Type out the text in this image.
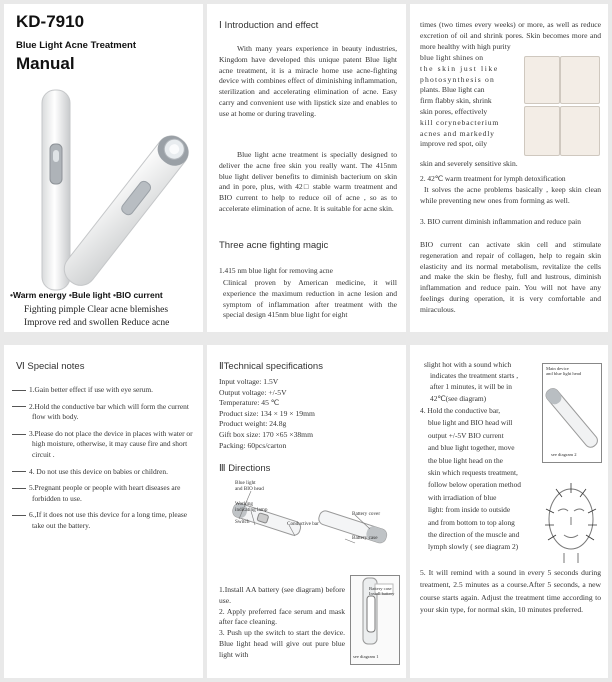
KD-7910
Blue Light Acne Treatment
Manual
•Warm energy •Bule light •BIO current
Fighting pimple Clear acne blemishes
Improve red and swollen Reduce acne
Ⅰ Introduction and effect

With many years experience in beauty industries, Kingdom have developed this unique patent Blue light acne treatment, it is a miracle home use acne-fighting device with combines effect of diminishing inflammation, sterilization and accelerating elimination of acne. Easy carry and convenient use with lipstick size and enables to use at home or during traveling.

Blue light acne treatment is specially designed to deliver the acne free skin you really want. The 415nm blue light deliver benefits to diminish bacterium on skin and in pore, plus, with 42□ stable warm treatment and BIO current to help to reduce oil of acne , so as to accelerate elimination of acne. It is suitable for acne skin.

Three acne fighting magic
1.415 nm blue light for removing acne

Clinical proven by American medicine, it will experience the maximum reduction in acne lesion and symptom of inflammation after treatment with the special design 415nm blue light for eight

times (two times every weeks) or more, as well as reduce excretion of oil and shrink pores. Skin becomes more and more healthy with high purity

blue light shines on
the skin just like
photosynthesis on
plants. Blue light can
firm flabby skin, shrink
skin pores, effectively
kill corynebacterium
acnes and markedly
improve red spot, oily

skin and severely sensitive skin.

2. 42℃ warm treatment for lymph detoxification

It solves the acne problems basically , keep skin clean while preventing new ones from forming as well.

3. BIO current diminish inflammation and reduce pain

BIO current can activate skin cell and stimulate regeneration and repair of collagen, help to regain skin elasticity and its normal metabolism, revitalize the cells and make the skin be fleshy, full and lustrous, diminish inflammation and reduce pain. You will not have any feelings during operation, it is very comfortable and miraculous.

Ⅵ Special notes
1.Gain better effect if use with eye serum.
2.Hold the conductive bar which will form the current flow with body.
3.Please do not place the device in places with water or high moisture, otherwise, it may cause fire and short circuit .
4. Do not use this device on babies or children.
5.Pregnant people or people with heart diseases are forbidden to use.
6.,If it does not use this device for a long time, please take out the battery.
ⅡTechnical specifications
Input voltage: 1.5V
Output voltage: +/-5V
Temperature: 45 ℃
Product size: 134 × 19 × 19mm
Product weight: 24.8g
Gift box size: 170 ×65 ×38mm
Packing: 60pcs/carton
Ⅲ Directions
Blue light
and BIO head
Working
indicating lamp
Switch	Conductive bar
Battery cover
Battery case

1.Install AA battery (see diagram) before use.

2. Apply preferred face serum and mask after face cleaning.

3. Push up the switch to start the device. Blue light head will give out pure blue light with

Battery case
Install battery
see diagram 1
slight hot with a sound which
indicates the treatment starts ,
after 1 minutes, it will be in
42℃(see diagram)
4. Hold the conductive bar,
blue light and BIO head will
output +/-5V BIO current
and blue light together, move
the blue light head on the
skin which requests treatment,
follow below operation method
with irradiation of blue
light: from inside to outside
and from bottom to top along
the direction of the muscle and
lymph slowly ( see diagram 2)
Main device
and blue light head
see diagram 2

5. It will remind with a sound in every 5 seconds during treatment, 2.5 minutes as a course.After 5 seconds, a new course starts again. Adjust the treatment time according to your skin type, for normal skin, 10 minutes preferred.
